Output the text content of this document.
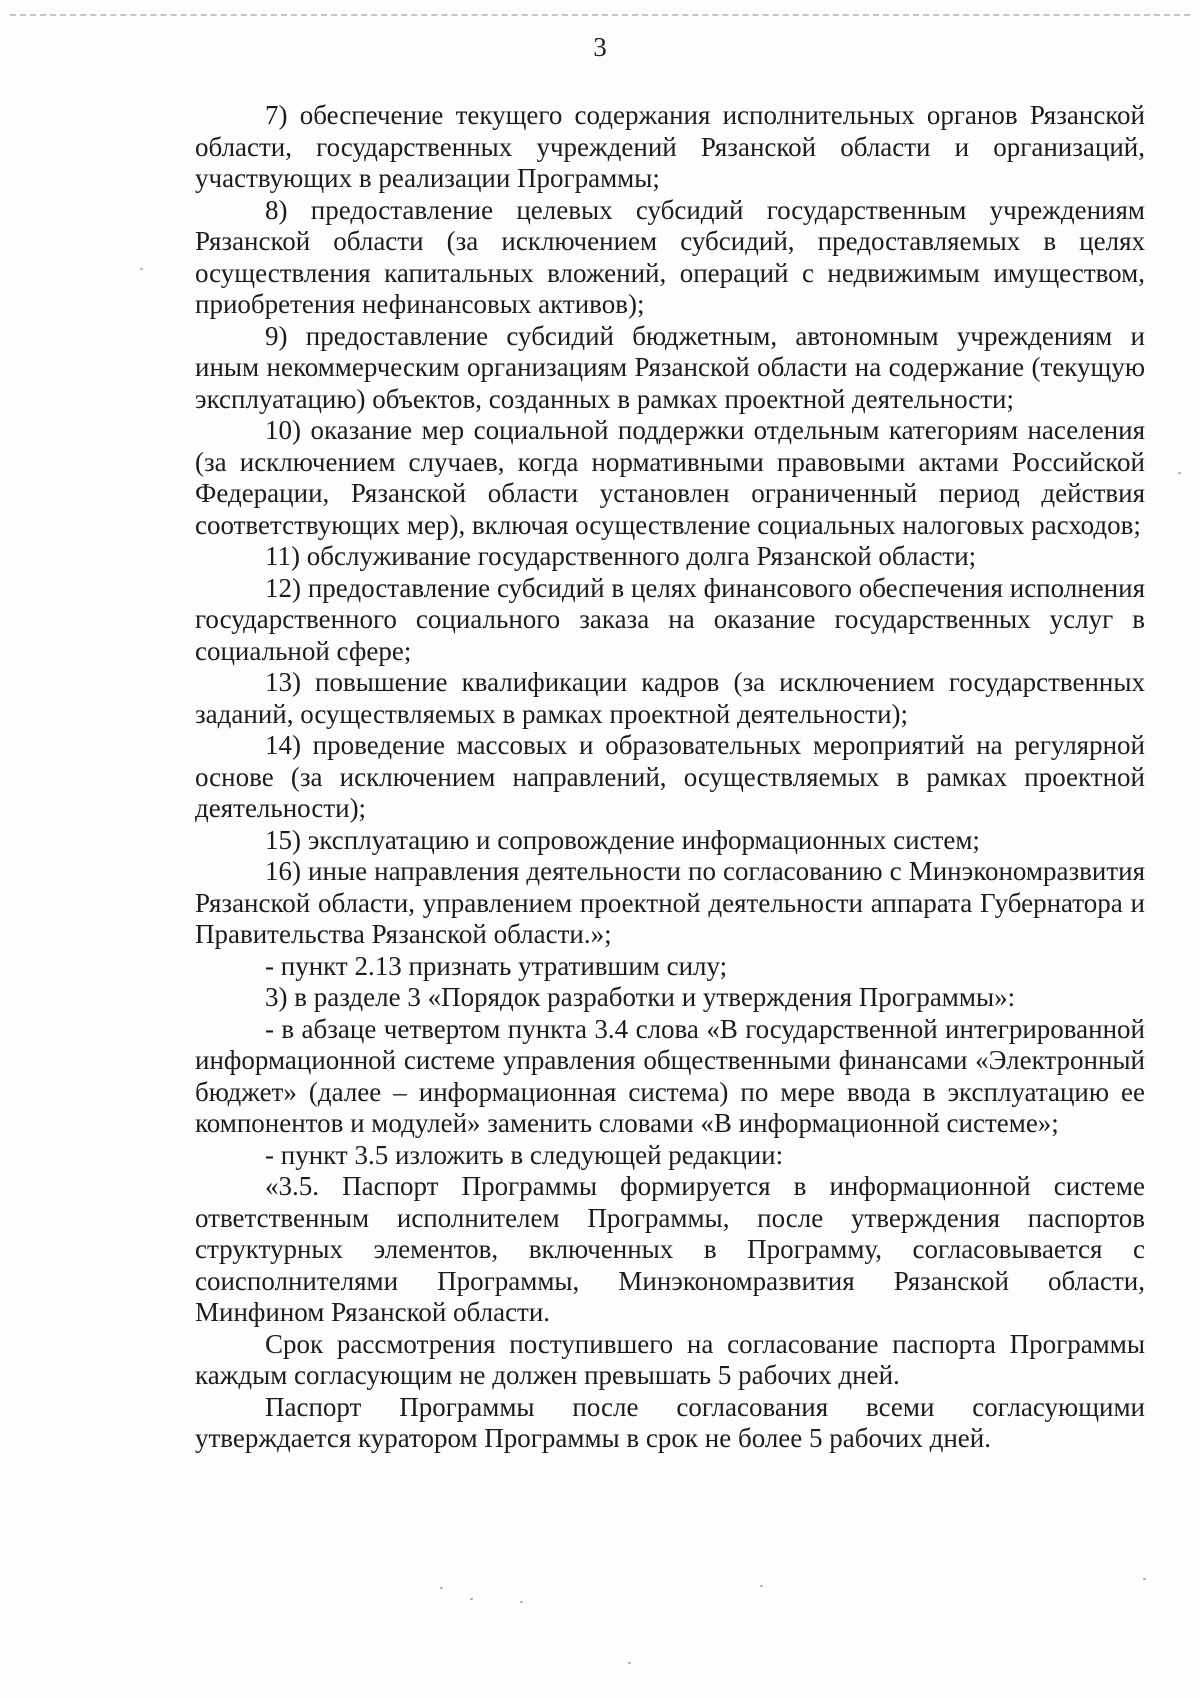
3

7) обеспечение текущего содержания исполнительных органов Рязанской области, государственных учреждений Рязанской области и организаций, участвующих в реализации Программы;

8) предоставление целевых субсидий государственным учреждениям Рязанской области (за исключением субсидий, предоставляемых в целях осуществления капитальных вложений, операций с недвижимым имуществом, приобретения нефинансовых активов);

9) предоставление субсидий бюджетным, автономным учреждениям и иным некоммерческим организациям Рязанской области на содержание (текущую эксплуатацию) объектов, созданных в рамках проектной деятельности;

10) оказание мер социальной поддержки отдельным категориям населения (за исключением случаев, когда нормативными правовыми актами Российской Федерации, Рязанской области установлен ограниченный период действия соответствующих мер), включая осуществление социальных налоговых расходов;

11) обслуживание государственного долга Рязанской области;

12) предоставление субсидий в целях финансового обеспечения исполнения государственного социального заказа на оказание государственных услуг в социальной сфере;

13) повышение квалификации кадров (за исключением государственных заданий, осуществляемых в рамках проектной деятельности);

14) проведение массовых и образовательных мероприятий на регулярной основе (за исключением направлений, осуществляемых в рамках проектной деятельности);

15) эксплуатацию и сопровождение информационных систем;

16) иные направления деятельности по согласованию с Минэкономразвития Рязанской области, управлением проектной деятельности аппарата Губернатора и Правительства Рязанской области.»;

- пункт 2.13 признать утратившим силу;

3) в разделе 3 «Порядок разработки и утверждения Программы»:

- в абзаце четвертом пункта 3.4 слова «В государственной интегрированной информационной системе управления общественными финансами «Электронный бюджет» (далее – информационная система) по мере ввода в эксплуатацию ее компонентов и модулей» заменить словами «В информационной системе»;

- пункт 3.5 изложить в следующей редакции:

«3.5. Паспорт Программы формируется в информационной системе ответственным исполнителем Программы, после утверждения паспортов структурных элементов, включенных в Программу, согласовывается с соисполнителями Программы, Минэкономразвития Рязанской области, Минфином Рязанской области.

Срок рассмотрения поступившего на согласование паспорта Программы каждым согласующим не должен превышать 5 рабочих дней.

Паспорт Программы после согласования всеми согласующими утверждается куратором Программы в срок не более 5 рабочих дней.
